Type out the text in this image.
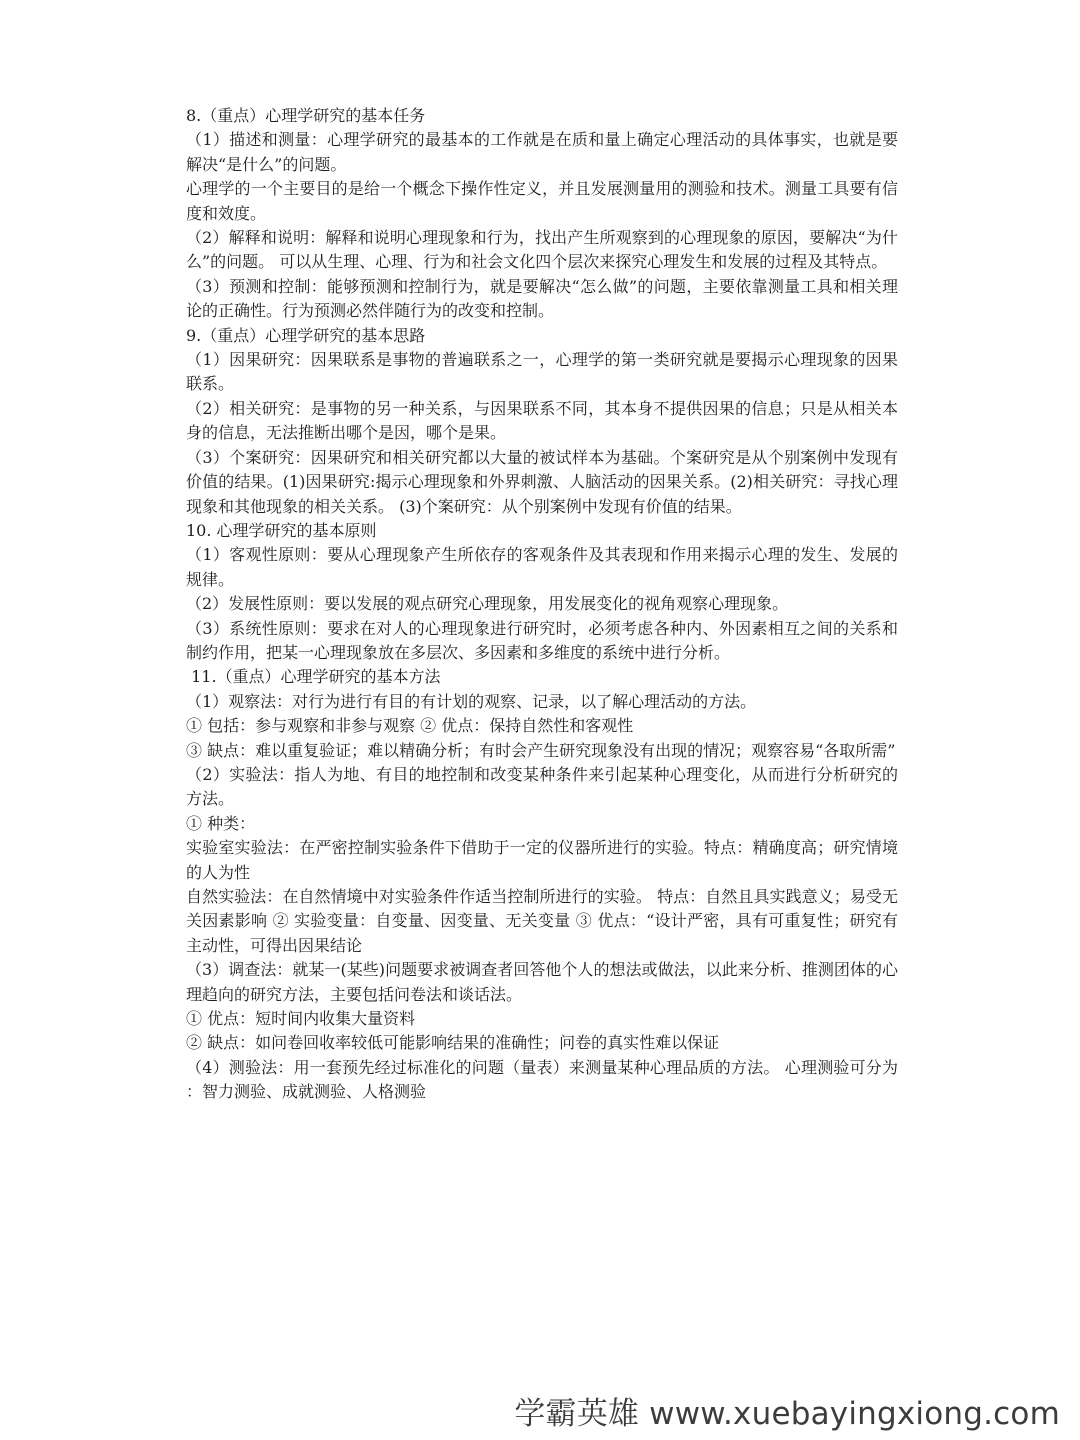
8.（重点）心理学研究的基本任务

（1）描述和测量：心理学研究的最基本的工作就是在质和量上确定心理活动的具体事实，也就是要解决“是什么”的问题。

心理学的一个主要目的是给一个概念下操作性定义，并且发展测量用的测验和技术。测量工具要有信度和效度。

（2）解释和说明：解释和说明心理现象和行为，找出产生所观察到的心理现象的原因，要解决“为什么”的问题。 可以从生理、心理、行为和社会文化四个层次来探究心理发生和发展的过程及其特点。

（3）预测和控制：能够预测和控制行为，就是要解决“怎么做”的问题，主要依靠测量工具和相关理论的正确性。行为预测必然伴随行为的改变和控制。

9.（重点）心理学研究的基本思路

（1）因果研究：因果联系是事物的普遍联系之一，心理学的第一类研究就是要揭示心理现象的因果联系。

（2）相关研究：是事物的另一种关系，与因果联系不同，其本身不提供因果的信息；只是从相关本身的信息，无法推断出哪个是因，哪个是果。

（3）个案研究：因果研究和相关研究都以大量的被试样本为基础。个案研究是从个别案例中发现有价值的结果。(1)因果研究:揭示心理现象和外界刺激、人脑活动的因果关系。(2)相关研究：寻找心理现象和其他现象的相关关系。 (3)个案研究：从个别案例中发现有价值的结果。

10. 心理学研究的基本原则

（1）客观性原则：要从心理现象产生所依存的客观条件及其表现和作用来揭示心理的发生、发展的规律。

（2）发展性原则：要以发展的观点研究心理现象，用发展变化的视角观察心理现象。

（3）系统性原则：要求在对人的心理现象进行研究时，必须考虑各种内、外因素相互之间的关系和制约作用，把某一心理现象放在多层次、多因素和多维度的系统中进行分析。

11.（重点）心理学研究的基本方法

（1）观察法：对行为进行有目的有计划的观察、记录，以了解心理活动的方法。

① 包括：参与观察和非参与观察 ② 优点：保持自然性和客观性

③ 缺点：难以重复验证；难以精确分析；有时会产生研究现象没有出现的情况；观察容易“各取所需”

（2）实验法：指人为地、有目的地控制和改变某种条件来引起某种心理变化，从而进行分析研究的方法。

① 种类：

实验室实验法：在严密控制实验条件下借助于一定的仪器所进行的实验。特点：精确度高；研究情境的人为性

自然实验法：在自然情境中对实验条件作适当控制所进行的实验。 特点：自然且具实践意义；易受无关因素影响 ② 实验变量：自变量、因变量、无关变量 ③ 优点：“设计严密，具有可重复性；研究有主动性，可得出因果结论

（3）调查法：就某一(某些)问题要求被调查者回答他个人的想法或做法，以此来分析、推测团体的心理趋向的研究方法，主要包括问卷法和谈话法。

① 优点：短时间内收集大量资料

② 缺点：如问卷回收率较低可能影响结果的准确性；问卷的真实性难以保证

（4）测验法：用一套预先经过标准化的问题（量表）来测量某种心理品质的方法。 心理测验可分为：智力测验、成就测验、人格测验

学霸英雄 www.xuebayingxiong.com
